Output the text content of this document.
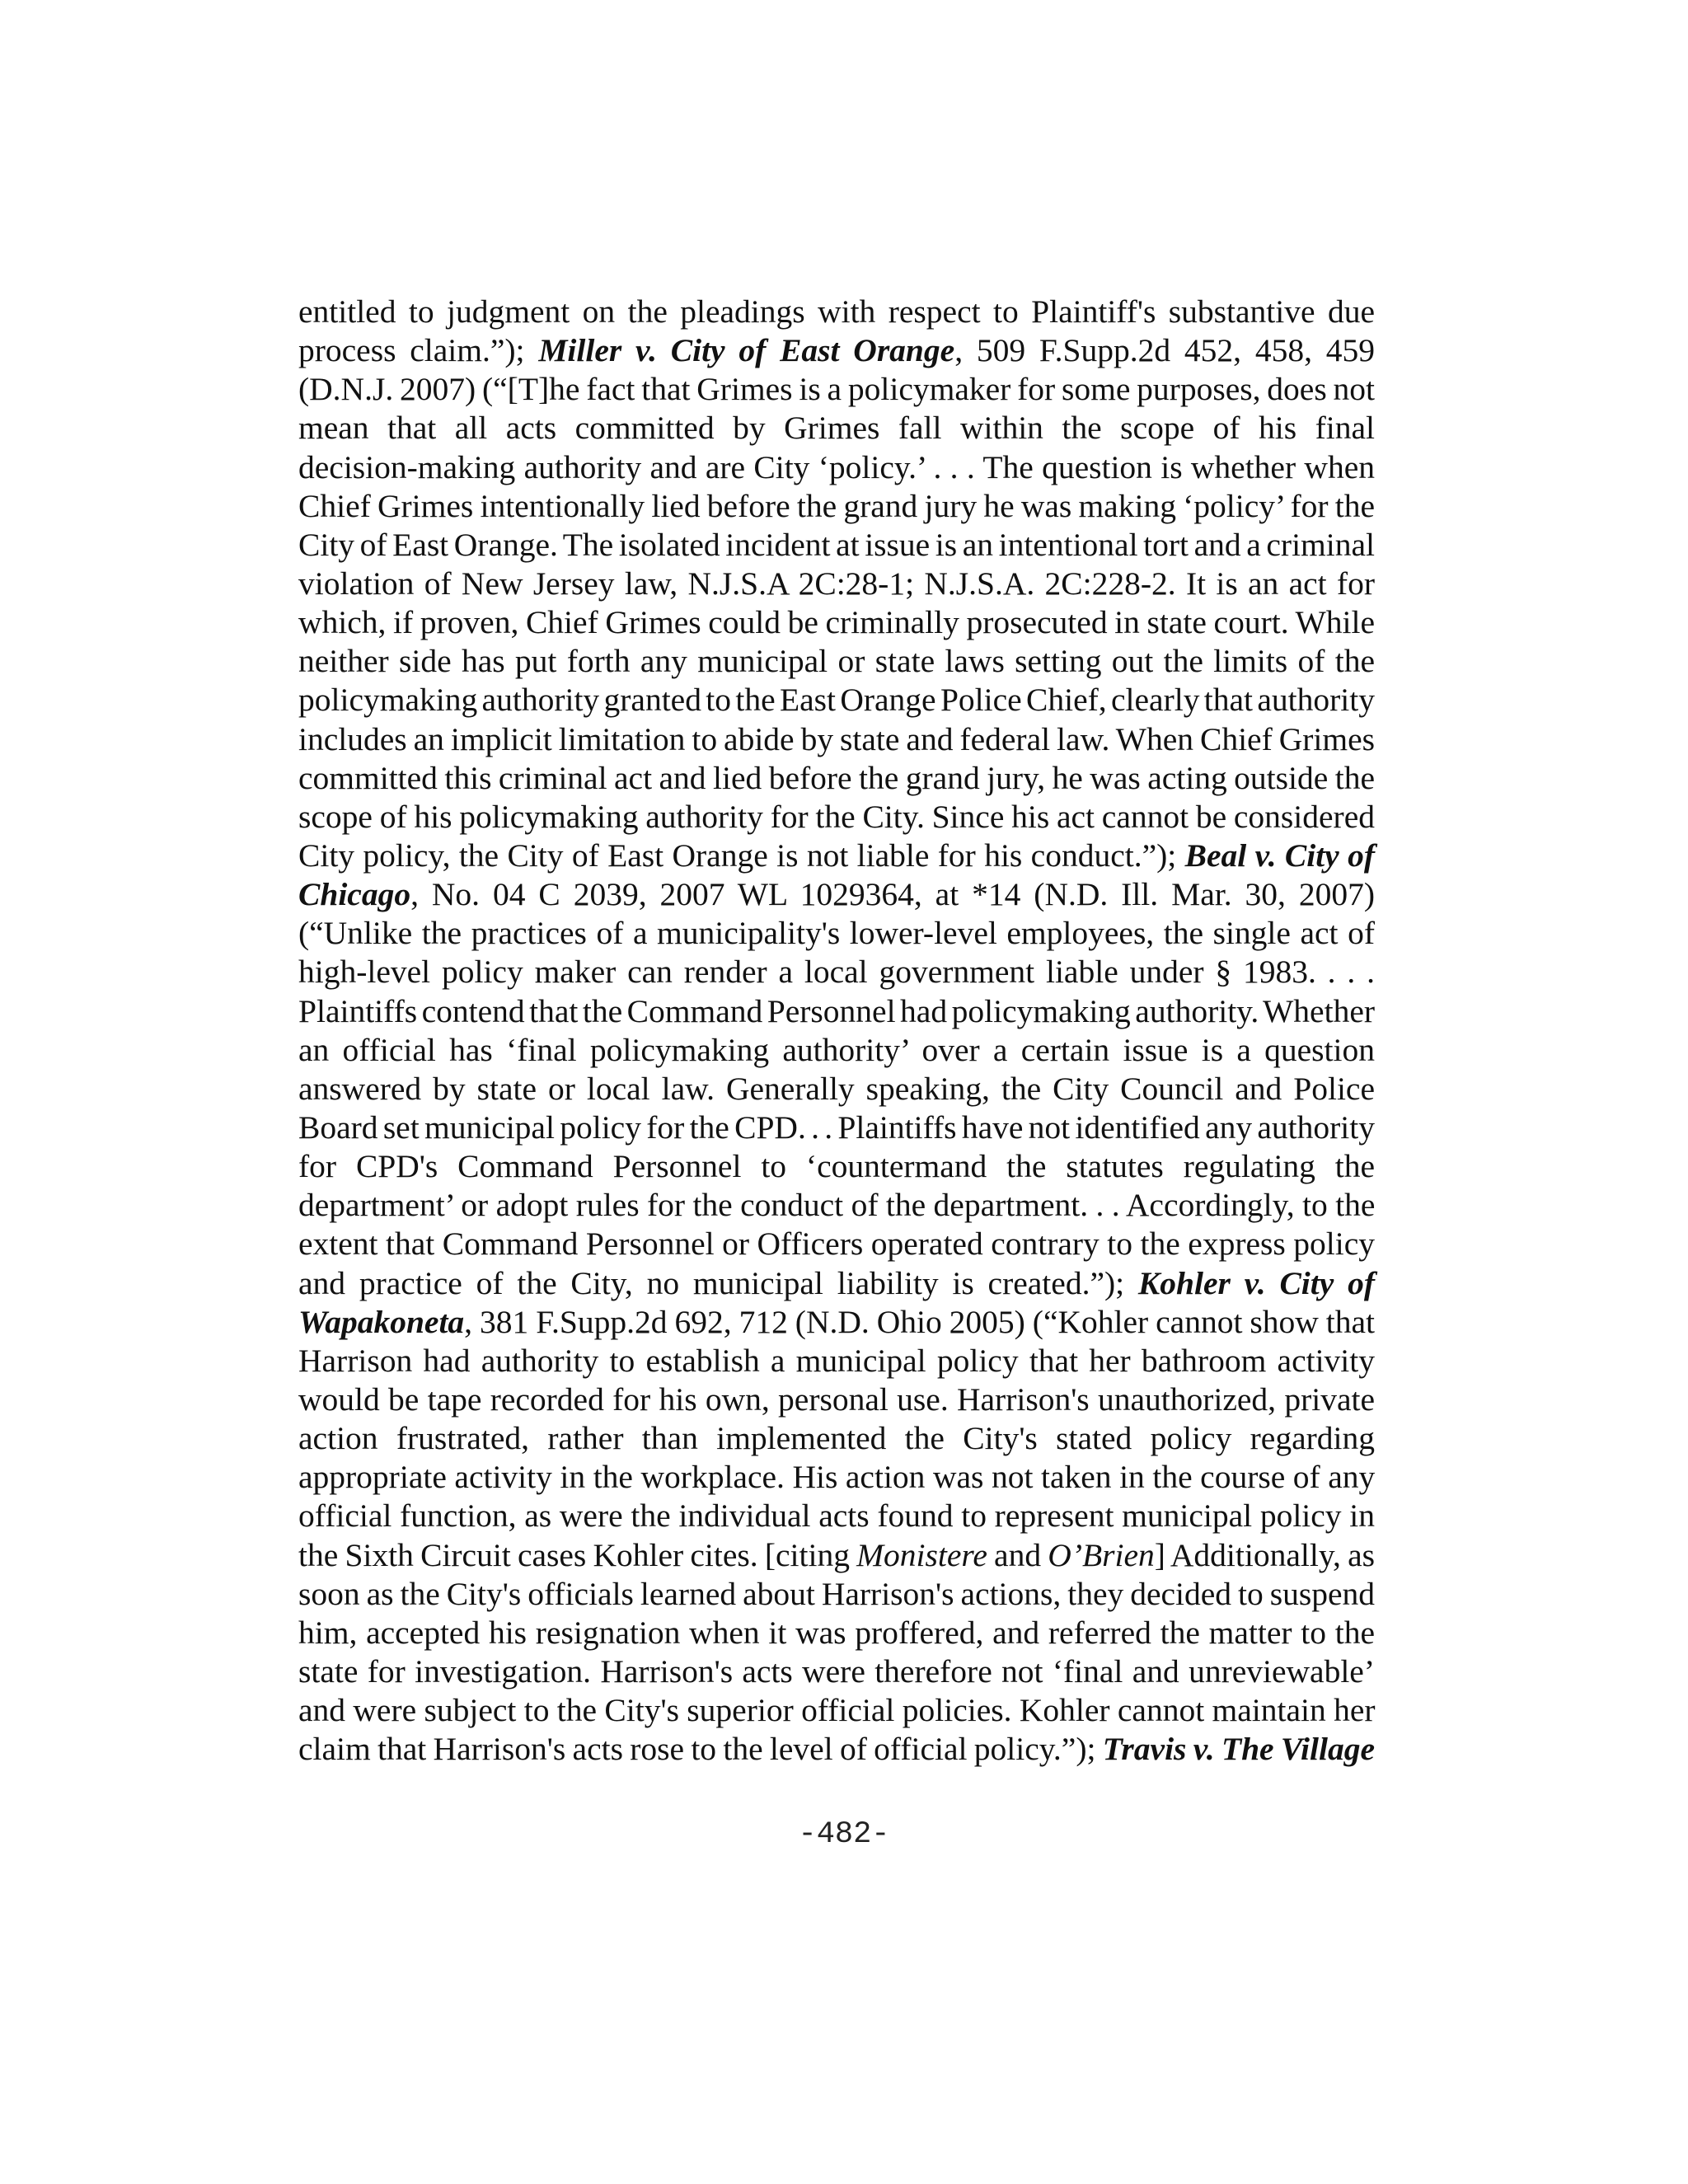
entitled to judgment on the pleadings with respect to Plaintiff's substantive due
process claim.”); Miller v. City of East Orange, 509 F.Supp.2d 452, 458, 459
(D.N.J. 2007) (“[T]he fact that Grimes is a policymaker for some purposes, does not
mean that all acts committed by Grimes fall within the scope of his final
decision-making authority and are City ‘policy.’ . . . The question is whether when
Chief Grimes intentionally lied before the grand jury he was making ‘policy’ for the
City of East Orange. The isolated incident at issue is an intentional tort and a criminal
violation of New Jersey law, N.J.S.A 2C:28-1; N.J.S.A. 2C:228-2. It is an act for
which, if proven, Chief Grimes could be criminally prosecuted in state court. While
neither side has put forth any municipal or state laws setting out the limits of the
policymaking authority granted to the East Orange Police Chief, clearly that authority
includes an implicit limitation to abide by state and federal law. When Chief Grimes
committed this criminal act and lied before the grand jury, he was acting outside the
scope of his policymaking authority for the City. Since his act cannot be considered
City policy, the City of East Orange is not liable for his conduct.”); Beal v. City of
Chicago, No. 04 C 2039, 2007 WL 1029364, at *14 (N.D. Ill. Mar. 30, 2007)
(“Unlike the practices of a municipality's lower-level employees, the single act of
high-level policy maker can render a local government liable under § 1983. . . .
Plaintiffs contend that the Command Personnel had policymaking authority. Whether
an official has ‘final policymaking authority’ over a certain issue is a question
answered by state or local law. Generally speaking, the City Council and Police
Board set municipal policy for the CPD. . . Plaintiffs have not identified any authority
for CPD's Command Personnel to ‘countermand the statutes regulating the
department’ or adopt rules for the conduct of the department. . . Accordingly, to the
extent that Command Personnel or Officers operated contrary to the express policy
and practice of the City, no municipal liability is created.”); Kohler v. City of
Wapakoneta, 381 F.Supp.2d 692, 712 (N.D. Ohio 2005) (“Kohler cannot show that
Harrison had authority to establish a municipal policy that her bathroom activity
would be tape recorded for his own, personal use. Harrison's unauthorized, private
action frustrated, rather than implemented the City's stated policy regarding
appropriate activity in the workplace. His action was not taken in the course of any
official function, as were the individual acts found to represent municipal policy in
the Sixth Circuit cases Kohler cites. [citing Monistere and O’Brien] Additionally, as
soon as the City's officials learned about Harrison's actions, they decided to suspend
him, accepted his resignation when it was proffered, and referred the matter to the
state for investigation. Harrison's acts were therefore not ‘final and unreviewable’
and were subject to the City's superior official policies. Kohler cannot maintain her
claim that Harrison's acts rose to the level of official policy.”); Travis v. The Village
-482-
